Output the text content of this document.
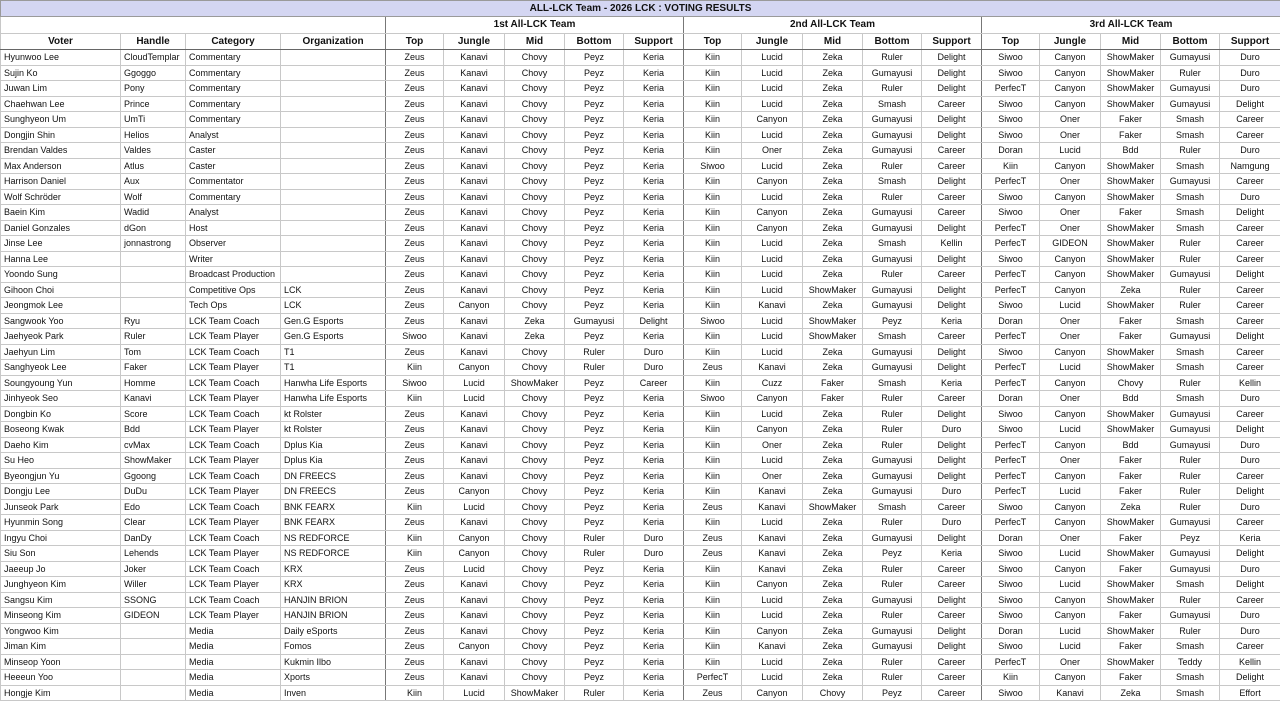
ALL-LCK Team - 2026 LCK : VOTING RESULTS																		
				1st All-LCK Team					2nd All-LCK Team					3rd All-LCK Team				
Voter	Handle	Category	Organization	Top	Jungle	Mid	Bottom	Support	Top	Jungle	Mid	Bottom	Support	Top	Jungle	Mid	Bottom	Support
Hyunwoo Lee	CloudTemplar	Commentary		Zeus	Kanavi	Chovy	Peyz	Keria	Kiin	Lucid	Zeka	Ruler	Delight	Siwoo	Canyon	ShowMaker	Gumayusi	Duro
Sujin Ko	Ggoggo	Commentary		Zeus	Kanavi	Chovy	Peyz	Keria	Kiin	Lucid	Zeka	Gumayusi	Delight	Siwoo	Canyon	ShowMaker	Ruler	Duro
Juwan Lim	Pony	Commentary		Zeus	Kanavi	Chovy	Peyz	Keria	Kiin	Lucid	Zeka	Ruler	Delight	PerfecT	Canyon	ShowMaker	Gumayusi	Duro
Chaehwan Lee	Prince	Commentary		Zeus	Kanavi	Chovy	Peyz	Keria	Kiin	Lucid	Zeka	Smash	Career	Siwoo	Canyon	ShowMaker	Gumayusi	Delight
Sunghyeon Um	UmTi	Commentary		Zeus	Kanavi	Chovy	Peyz	Keria	Kiin	Canyon	Zeka	Gumayusi	Delight	Siwoo	Oner	Faker	Smash	Career
Dongjin Shin	Helios	Analyst		Zeus	Kanavi	Chovy	Peyz	Keria	Kiin	Lucid	Zeka	Gumayusi	Delight	Siwoo	Oner	Faker	Smash	Career
Brendan Valdes	Valdes	Caster		Zeus	Kanavi	Chovy	Peyz	Keria	Kiin	Oner	Zeka	Gumayusi	Career	Doran	Lucid	Bdd	Ruler	Duro
Max Anderson	Atlus	Caster		Zeus	Kanavi	Chovy	Peyz	Keria	Siwoo	Lucid	Zeka	Ruler	Career	Kiin	Canyon	ShowMaker	Smash	Namgung
Harrison Daniel	Aux	Commentator		Zeus	Kanavi	Chovy	Peyz	Keria	Kiin	Canyon	Zeka	Smash	Delight	PerfecT	Oner	ShowMaker	Gumayusi	Career
Wolf Schröder	Wolf	Commentary		Zeus	Kanavi	Chovy	Peyz	Keria	Kiin	Lucid	Zeka	Ruler	Career	Siwoo	Canyon	ShowMaker	Smash	Duro
Baein Kim	Wadid	Analyst		Zeus	Kanavi	Chovy	Peyz	Keria	Kiin	Canyon	Zeka	Gumayusi	Career	Siwoo	Oner	Faker	Smash	Delight
Daniel Gonzales	dGon	Host		Zeus	Kanavi	Chovy	Peyz	Keria	Kiin	Canyon	Zeka	Gumayusi	Delight	PerfecT	Oner	ShowMaker	Smash	Career
Jinse Lee	jonnastrong	Observer		Zeus	Kanavi	Chovy	Peyz	Keria	Kiin	Lucid	Zeka	Smash	Kellin	PerfecT	GIDEON	ShowMaker	Ruler	Career
Hanna Lee		Writer		Zeus	Kanavi	Chovy	Peyz	Keria	Kiin	Lucid	Zeka	Gumayusi	Delight	Siwoo	Canyon	ShowMaker	Ruler	Career
Yoondo Sung		Broadcast Production		Zeus	Kanavi	Chovy	Peyz	Keria	Kiin	Lucid	Zeka	Ruler	Career	PerfecT	Canyon	ShowMaker	Gumayusi	Delight
Gihoon Choi		Competitive Ops	LCK	Zeus	Kanavi	Chovy	Peyz	Keria	Kiin	Lucid	ShowMaker	Gumayusi	Delight	PerfecT	Canyon	Zeka	Ruler	Career
Jeongmok Lee		Tech Ops	LCK	Zeus	Canyon	Chovy	Peyz	Keria	Kiin	Kanavi	Zeka	Gumayusi	Delight	Siwoo	Lucid	ShowMaker	Ruler	Career
Sangwook Yoo	Ryu	LCK Team Coach	Gen.G Esports	Zeus	Kanavi	Zeka	Gumayusi	Delight	Siwoo	Lucid	ShowMaker	Peyz	Keria	Doran	Oner	Faker	Smash	Career
Jaehyeok Park	Ruler	LCK Team Player	Gen.G Esports	Siwoo	Kanavi	Zeka	Peyz	Keria	Kiin	Lucid	ShowMaker	Smash	Career	PerfecT	Oner	Faker	Gumayusi	Delight
Jaehyun Lim	Tom	LCK Team Coach	T1	Zeus	Kanavi	Chovy	Ruler	Duro	Kiin	Lucid	Zeka	Gumayusi	Delight	Siwoo	Canyon	ShowMaker	Smash	Career
Sanghyeok Lee	Faker	LCK Team Player	T1	Kiin	Canyon	Chovy	Ruler	Duro	Zeus	Kanavi	Zeka	Gumayusi	Delight	PerfecT	Lucid	ShowMaker	Smash	Career
Soungyoung Yun	Homme	LCK Team Coach	Hanwha Life Esports	Siwoo	Lucid	ShowMaker	Peyz	Career	Kiin	Cuzz	Faker	Smash	Keria	PerfecT	Canyon	Chovy	Ruler	Kellin
Jinhyeok Seo	Kanavi	LCK Team Player	Hanwha Life Esports	Kiin	Lucid	Chovy	Peyz	Keria	Siwoo	Canyon	Faker	Ruler	Career	Doran	Oner	Bdd	Smash	Duro
Dongbin Ko	Score	LCK Team Coach	kt Rolster	Zeus	Kanavi	Chovy	Peyz	Keria	Kiin	Lucid	Zeka	Ruler	Delight	Siwoo	Canyon	ShowMaker	Gumayusi	Career
Boseong Kwak	Bdd	LCK Team Player	kt Rolster	Zeus	Kanavi	Chovy	Peyz	Keria	Kiin	Canyon	Zeka	Ruler	Duro	Siwoo	Lucid	ShowMaker	Gumayusi	Delight
Daeho Kim	cvMax	LCK Team Coach	Dplus Kia	Zeus	Kanavi	Chovy	Peyz	Keria	Kiin	Oner	Zeka	Ruler	Delight	PerfecT	Canyon	Bdd	Gumayusi	Duro
Su Heo	ShowMaker	LCK Team Player	Dplus Kia	Zeus	Kanavi	Chovy	Peyz	Keria	Kiin	Lucid	Zeka	Gumayusi	Delight	PerfecT	Oner	Faker	Ruler	Duro
Byeongjun Yu	Ggoong	LCK Team Coach	DN FREECS	Zeus	Kanavi	Chovy	Peyz	Keria	Kiin	Oner	Zeka	Gumayusi	Delight	PerfecT	Canyon	Faker	Ruler	Career
Dongju Lee	DuDu	LCK Team Player	DN FREECS	Zeus	Canyon	Chovy	Peyz	Keria	Kiin	Kanavi	Zeka	Gumayusi	Duro	PerfecT	Lucid	Faker	Ruler	Delight
Junseok Park	Edo	LCK Team Coach	BNK FEARX	Kiin	Lucid	Chovy	Peyz	Keria	Zeus	Kanavi	ShowMaker	Smash	Career	Siwoo	Canyon	Zeka	Ruler	Duro
Hyunmin Song	Clear	LCK Team Player	BNK FEARX	Zeus	Kanavi	Chovy	Peyz	Keria	Kiin	Lucid	Zeka	Ruler	Duro	PerfecT	Canyon	ShowMaker	Gumayusi	Career
Ingyu Choi	DanDy	LCK Team Coach	NS REDFORCE	Kiin	Canyon	Chovy	Ruler	Duro	Zeus	Kanavi	Zeka	Gumayusi	Delight	Doran	Oner	Faker	Peyz	Keria
Siu Son	Lehends	LCK Team Player	NS REDFORCE	Kiin	Canyon	Chovy	Ruler	Duro	Zeus	Kanavi	Zeka	Peyz	Keria	Siwoo	Lucid	ShowMaker	Gumayusi	Delight
Jaeeup Jo	Joker	LCK Team Coach	KRX	Zeus	Lucid	Chovy	Peyz	Keria	Kiin	Kanavi	Zeka	Ruler	Career	Siwoo	Canyon	Faker	Gumayusi	Duro
Junghyeon Kim	Willer	LCK Team Player	KRX	Zeus	Kanavi	Chovy	Peyz	Keria	Kiin	Canyon	Zeka	Ruler	Career	Siwoo	Lucid	ShowMaker	Smash	Delight
Sangsu Kim	SSONG	LCK Team Coach	HANJIN BRION	Zeus	Kanavi	Chovy	Peyz	Keria	Kiin	Lucid	Zeka	Gumayusi	Delight	Siwoo	Canyon	ShowMaker	Ruler	Career
Minseong Kim	GIDEON	LCK Team Player	HANJIN BRION	Zeus	Kanavi	Chovy	Peyz	Keria	Kiin	Lucid	Zeka	Ruler	Career	Siwoo	Canyon	Faker	Gumayusi	Duro
Yongwoo Kim		Media	Daily eSports	Zeus	Kanavi	Chovy	Peyz	Keria	Kiin	Canyon	Zeka	Gumayusi	Delight	Doran	Lucid	ShowMaker	Ruler	Duro
Jiman Kim		Media	Fomos	Zeus	Canyon	Chovy	Peyz	Keria	Kiin	Kanavi	Zeka	Gumayusi	Delight	Siwoo	Lucid	Faker	Smash	Career
Minseop Yoon		Media	Kukmin Ilbo	Zeus	Kanavi	Chovy	Peyz	Keria	Kiin	Lucid	Zeka	Ruler	Career	PerfecT	Oner	ShowMaker	Teddy	Kellin
Heeeun Yoo		Media	Xports	Zeus	Kanavi	Chovy	Peyz	Keria	PerfecT	Lucid	Zeka	Ruler	Career	Kiin	Canyon	Faker	Smash	Delight
Hongje Kim		Media	Inven	Kiin	Lucid	ShowMaker	Ruler	Keria	Zeus	Canyon	Chovy	Peyz	Career	Siwoo	Kanavi	Zeka	Smash	Effort
